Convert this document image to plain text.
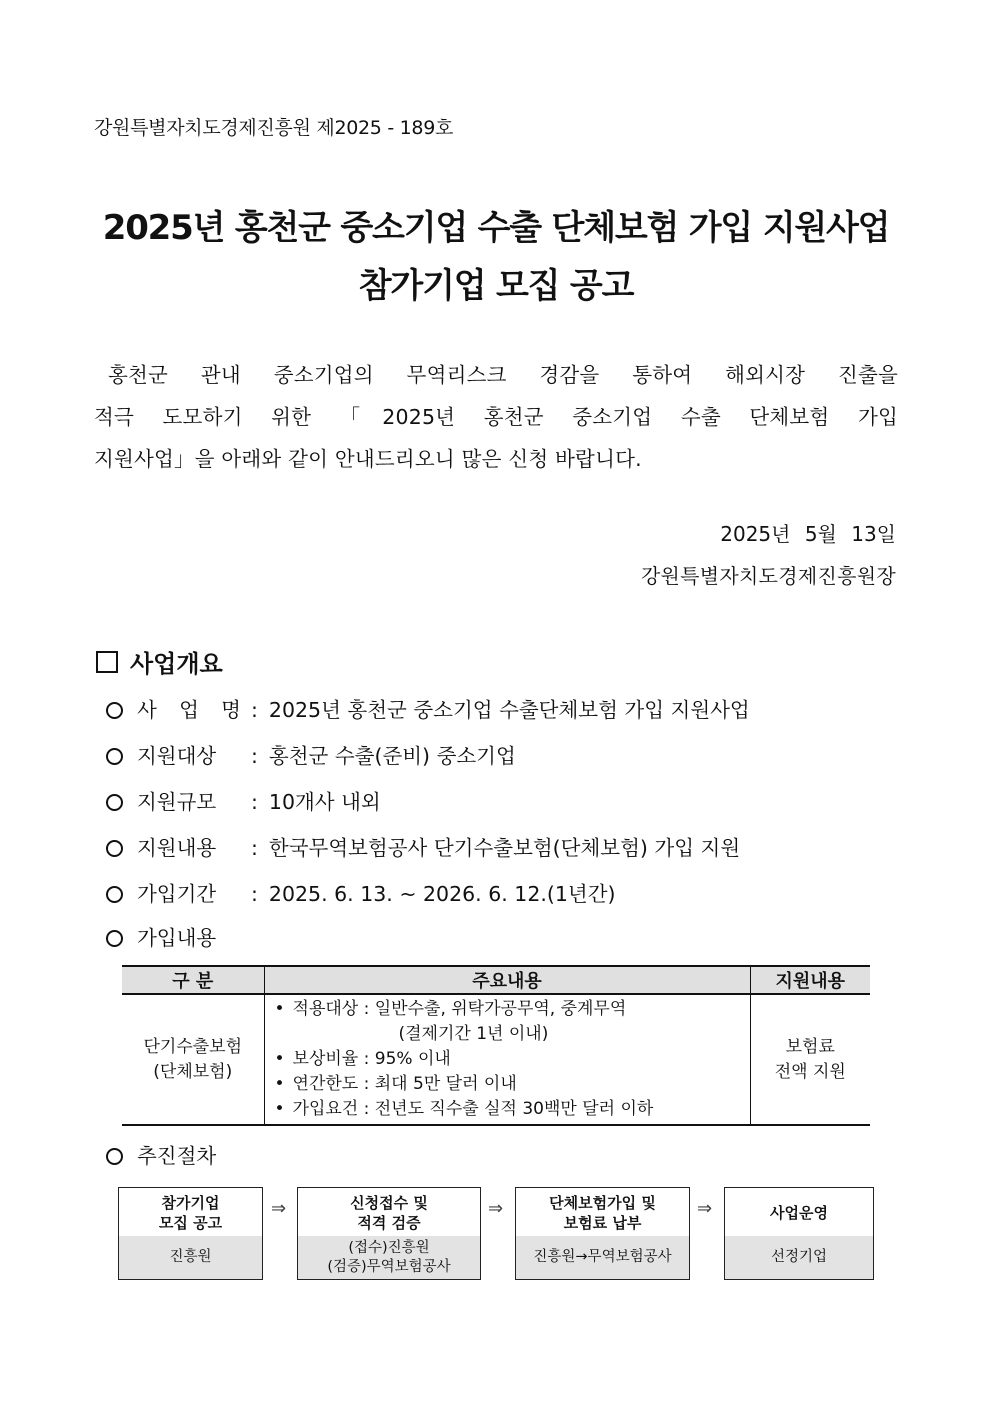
강원특별자치도경제진흥원 제2025 - 189호
2025년 홍천군 중소기업 수출 단체보험 가입 지원사업
참가기업 모집 공고
홍천군 관내 중소기업의 무역리스크 경감을 통하여 해외시장 진출을
적극 도모하기 위한 「2025년 홍천군 중소기업 수출 단체보험 가입
지원사업」을 아래와 같이 안내드리오니 많은 신청 바랍니다.
2025년 5월 13일
강원특별자치도경제진흥원장
사업개요
사 업 명 : 2025년 홍천군 중소기업 수출단체보험 가입 지원사업
지원대상 : 홍천군 수출(준비) 중소기업
지원규모 : 10개사 내외
지원내용 : 한국무역보험공사 단기수출보험(단체보험) 가입 지원
가입기간 : 2025. 6. 13. ~ 2026. 6. 12.(1년간)
가입내용
구 분	주요내용	지원내용

단기수출보험
(단체보험)	• 적용대상 : 일반수출, 위탁가공무역, 중계무역
(결제기간 1년 이내)
• 보상비율 : 95% 이내
• 연간한도 : 최대 5만 달러 이내
• 가입요건 : 전년도 직수출 실적 30백만 달러 이하	보험료
전액 지원
추진절차
참가기업
모집 공고
진흥원
⇒	신청접수 및
적격 검증
(접수)진흥원
(검증)무역보험공사
⇒	단체보험가입 및
보험료 납부
진흥원→무역보험공사
⇒	사업운영
선정기업
